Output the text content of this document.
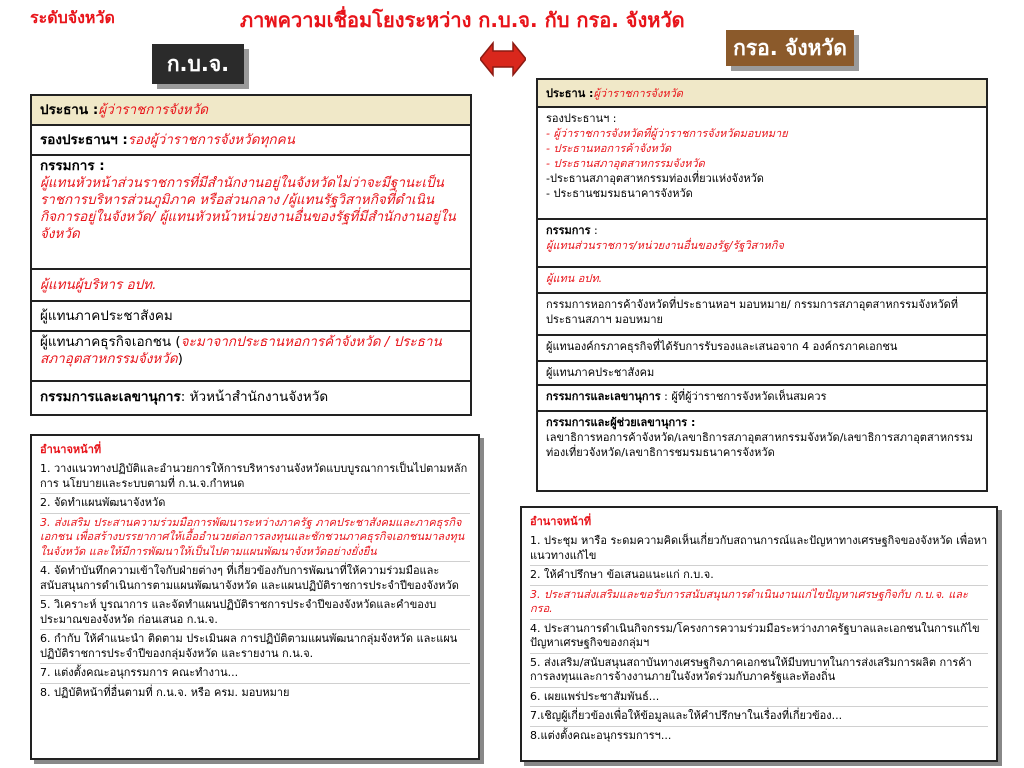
ระดับจังหวัด	ภาพความเชื่อมโยงระหว่าง ก.บ.จ. กับ กรอ. จังหวัด
ก.บ.จ.
กรอ. จังหวัด
ประธาน : ผู้ว่าราชการจังหวัด
รองประธานฯ : รองผู้ว่าราชการจังหวัดทุกคน
กรรมการ :
ผู้แทนหัวหน้าส่วนราชการที่มีสำนักงานอยู่ในจังหวัดไม่ว่าจะมีฐานะเป็นราชการบริหารส่วนภูมิภาค หรือส่วนกลาง /ผู้แทนรัฐวิสาหกิจที่ดำเนินกิจการอยู่ในจังหวัด/ ผู้แทนหัวหน้าหน่วยงานอื่นของรัฐที่มีสำนักงานอยู่ในจังหวัด
ผู้แทนผู้บริหาร อปท.
ผู้แทนภาคประชาสังคม
ผู้แทนภาคธุรกิจเอกชน (จะมาจากประธานหอการค้าจังหวัด / ประธานสภาอุตสาหกรรมจังหวัด)
กรรมการและเลขานุการ : หัวหน้าสำนักงานจังหวัด
ประธาน : ผู้ว่าราชการจังหวัด
รองประธานฯ :
- ผู้ว่าราชการจังหวัดที่ผู้ว่าราชการจังหวัดมอบหมาย
- ประธานหอการค้าจังหวัด
- ประธานสภาอุตสาหกรรมจังหวัด
-ประธานสภาอุตสาหกรรมท่องเที่ยวแห่งจังหวัด
- ประธานชมรมธนาคารจังหวัด
กรรมการ :
ผู้แทนส่วนราชการ/หน่วยงานอื่นของรัฐ/รัฐวิสาหกิจ
ผู้แทน อปท.
กรรมการหอการค้าจังหวัดที่ประธานหอฯ มอบหมาย/ กรรมการสภาอุตสาหกรรมจังหวัดที่ประธานสภาฯ มอบหมาย
ผู้แทนองค์กรภาคธุรกิจที่ได้รับการรับรองและเสนอจาก 4 องค์กรภาคเอกชน
ผู้แทนภาคประชาสังคม
กรรมการและเลขานุการ : ผู้ที่ผู้ว่าราชการจังหวัดเห็นสมควร
กรรมการและผู้ช่วยเลขานุการ :
เลขาธิการหอการค้าจังหวัด/เลขาธิการสภาอุตสาหกรรมจังหวัด/เลขาธิการสภาอุตสาหกรรมท่องเที่ยวจังหวัด/เลขาธิการชมรมธนาคารจังหวัด
อำนาจหน้าที่
1. วางแนวทางปฏิบัติและอำนวยการให้การบริหารงานจังหวัดแบบบูรณาการเป็นไปตามหลักการ นโยบายและระบบตามที่ ก.น.จ.กำหนด
2. จัดทำแผนพัฒนาจังหวัด
3. ส่งเสริม ประสานความร่วมมือการพัฒนาระหว่างภาครัฐ ภาคประชาสังคมและภาคธุรกิจเอกชน เพื่อสร้างบรรยากาศให้เอื้ออำนวยต่อการลงทุนและชักชวนภาคธุรกิจเอกชนมาลงทุนในจังหวัด และให้มีการพัฒนาให้เป็นไปตามแผนพัฒนาจังหวัดอย่างยั่งยืน
4. จัดทำบันทึกความเข้าใจกับฝ่ายต่างๆ ที่เกี่ยวข้องกับการพัฒนาที่ให้ความร่วมมือและสนับสนุนการดำเนินการตามแผนพัฒนาจังหวัด และแผนปฏิบัติราชการประจำปีของจังหวัด
5. วิเคราะห์ บูรณาการ และจัดทำแผนปฏิบัติราชการประจำปีของจังหวัดและคำของบประมาณของจังหวัด ก่อนเสนอ ก.น.จ.
6. กำกับ ให้คำแนะนำ ติดตาม ประเมินผล การปฏิบัติตามแผนพัฒนากลุ่มจังหวัด และแผนปฏิบัติราชการประจำปีของกลุ่มจังหวัด และรายงาน ก.น.จ.
7. แต่งตั้งคณะอนุกรรมการ คณะทำงาน...
8. ปฏิบัติหน้าที่อื่นตามที่ ก.น.จ. หรือ ครม. มอบหมาย
อำนาจหน้าที่
1. ประชุม หารือ ระดมความคิดเห็นเกี่ยวกับสถานการณ์และปัญหาทางเศรษฐกิจของจังหวัด เพื่อหาแนวทางแก้ไข
2. ให้คำปรึกษา ข้อเสนอแนะแก่ ก.บ.จ.
3. ประสานส่งเสริมและขอรับการสนับสนุนการดำเนินงานแก่ไขปัญหาเศรษฐกิจกับ ก.บ.จ. และ กรอ.
4. ประสานการดำเนินกิจกรรม/โครงการความร่วมมือระหว่างภาครัฐบาลและเอกชนในการแก้ไขปัญหาเศรษฐกิจของกลุ่มฯ
5. ส่งเสริม/สนับสนุนสถาบันทางเศรษฐกิจภาคเอกชนให้มีบทบาทในการส่งเสริมการผลิต การค้า การลงทุนและการจ้างงานภายในจังหวัดร่วมกับภาครัฐและท้องถิ่น
6. เผยแพร่ประชาสัมพันธ์...
7.เชิญผู้เกี่ยวข้องเพื่อให้ข้อมูลและให้คำปรึกษาในเรื่องที่เกี่ยวข้อง...
8.แต่งตั้งคณะอนุกรรมการฯ...
